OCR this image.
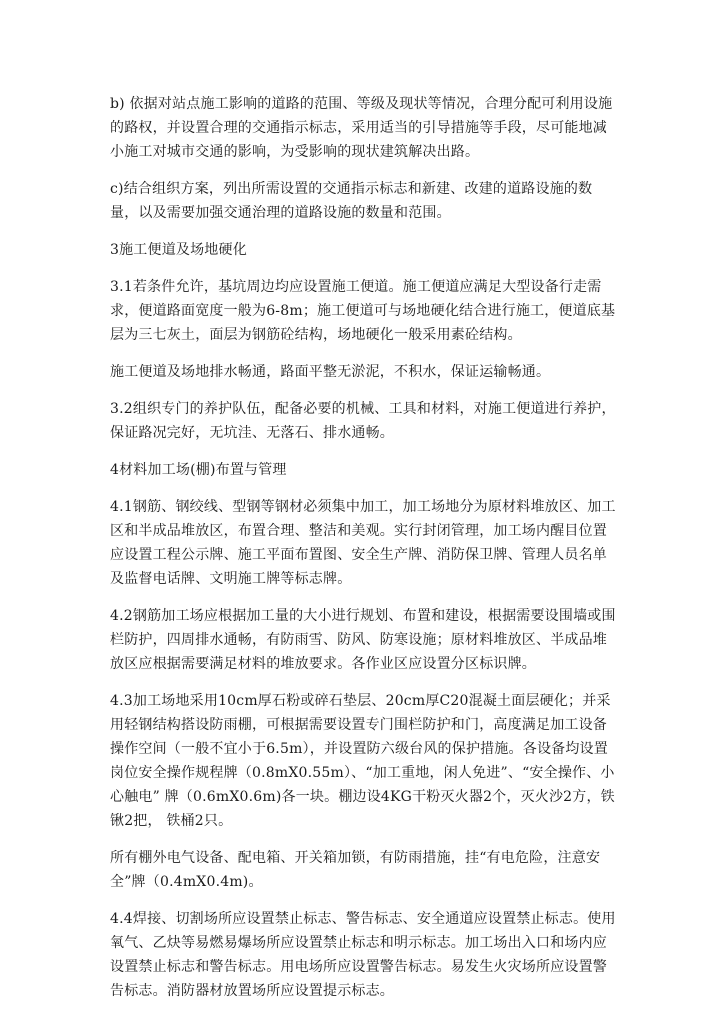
b) 依据对站点施工影响的道路的范围、等级及现状等情况，合理分配可利用设施的路权，并设置合理的交通指示标志，采用适当的引导措施等手段，尽可能地减小施工对城市交通的影响，为受影响的现状建筑解决出路。

c)结合组织方案，列出所需设置的交通指示标志和新建、改建的道路设施的数量，以及需要加强交通治理的道路设施的数量和范围。

3施工便道及场地硬化

3.1若条件允许，基坑周边均应设置施工便道。施工便道应满足大型设备行走需求，便道路面宽度一般为6-8m；施工便道可与场地硬化结合进行施工，便道底基层为三七灰土，面层为钢筋砼结构，场地硬化一般采用素砼结构。

施工便道及场地排水畅通，路面平整无淤泥，不积水，保证运输畅通。

3.2组织专门的养护队伍，配备必要的机械、工具和材料，对施工便道进行养护，保证路况完好，无坑洼、无落石、排水通畅。

4材料加工场(棚)布置与管理

4.1钢筋、钢绞线、型钢等钢材必须集中加工，加工场地分为原材料堆放区、加工区和半成品堆放区，布置合理、整洁和美观。实行封闭管理，加工场内醒目位置应设置工程公示牌、施工平面布置图、安全生产牌、消防保卫牌、管理人员名单及监督电话牌、文明施工牌等标志牌。

4.2钢筋加工场应根据加工量的大小进行规划、布置和建设，根据需要设围墙或围栏防护，四周排水通畅，有防雨雪、防风、防寒设施；原材料堆放区、半成品堆放区应根据需要满足材料的堆放要求。各作业区应设置分区标识牌。

4.3加工场地采用10cm厚石粉或碎石垫层、20cm厚C20混凝土面层硬化；并采用轻钢结构搭设防雨棚，可根据需要设置专门围栏防护和门，高度满足加工设备操作空间（一般不宜小于6.5m），并设置防六级台风的保护措施。各设备均设置岗位安全操作规程牌（0.8mX0.55m）、“加工重地，闲人免进”、“安全操作、小心触电” 牌（0.6mX0.6m)各一块。棚边设4KG干粉灭火器2个，灭火沙2方，铁锹2把， 铁桶2只。

所有棚外电气设备、配电箱、开关箱加锁，有防雨措施，挂“有电危险，注意安全”牌（0.4mX0.4m)。

4.4焊接、切割场所应设置禁止标志、警告标志、安全通道应设置禁止标志。使用氧气、乙炔等易燃易爆场所应设置禁止标志和明示标志。加工场出入口和场内应设置禁止标志和警告标志。用电场所应设置警告标志。易发生火灾场所应设置警 告标志。消防器材放置场所应设置提示标志。
